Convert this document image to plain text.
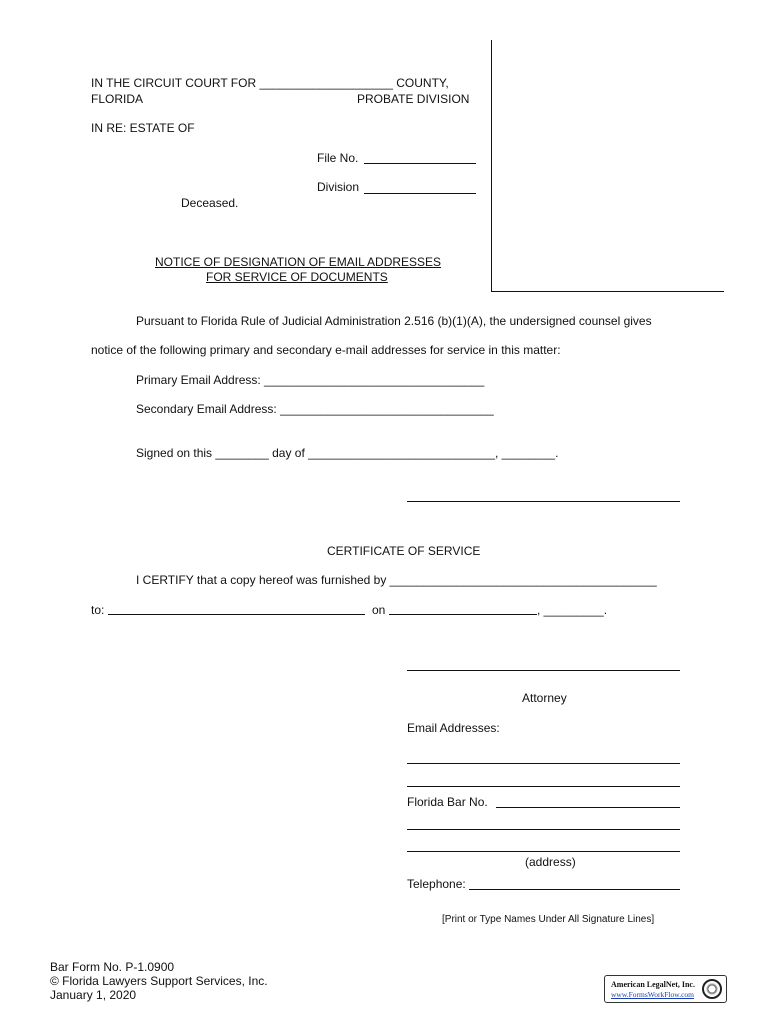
IN THE CIRCUIT COURT FOR ____________________ COUNTY,
FLORIDA	PROBATE DIVISION
IN RE: ESTATE OF
File No.
Division
Deceased.
NOTICE OF DESIGNATION OF EMAIL ADDRESSES
FOR SERVICE OF DOCUMENTS
Pursuant to Florida Rule of Judicial Administration 2.516 (b)(1)(A), the undersigned counsel gives
notice of the following primary and secondary e-mail addresses for service in this matter:
Primary Email Address: _________________________________
Secondary Email Address: ________________________________
Signed on this ________ day of ____________________________, ________.
CERTIFICATE OF SERVICE
I CERTIFY that a copy hereof was furnished by ________________________________________
to:	on	, _________.
Attorney
Email Addresses:
Florida Bar No.
(address)
Telephone:
[Print or Type Names Under All Signature Lines]
Bar Form No. P-1.0900
© Florida Lawyers Support Services, Inc.
January 1, 2020
American LegalNet, Inc.
www.FormsWorkFlow.com
